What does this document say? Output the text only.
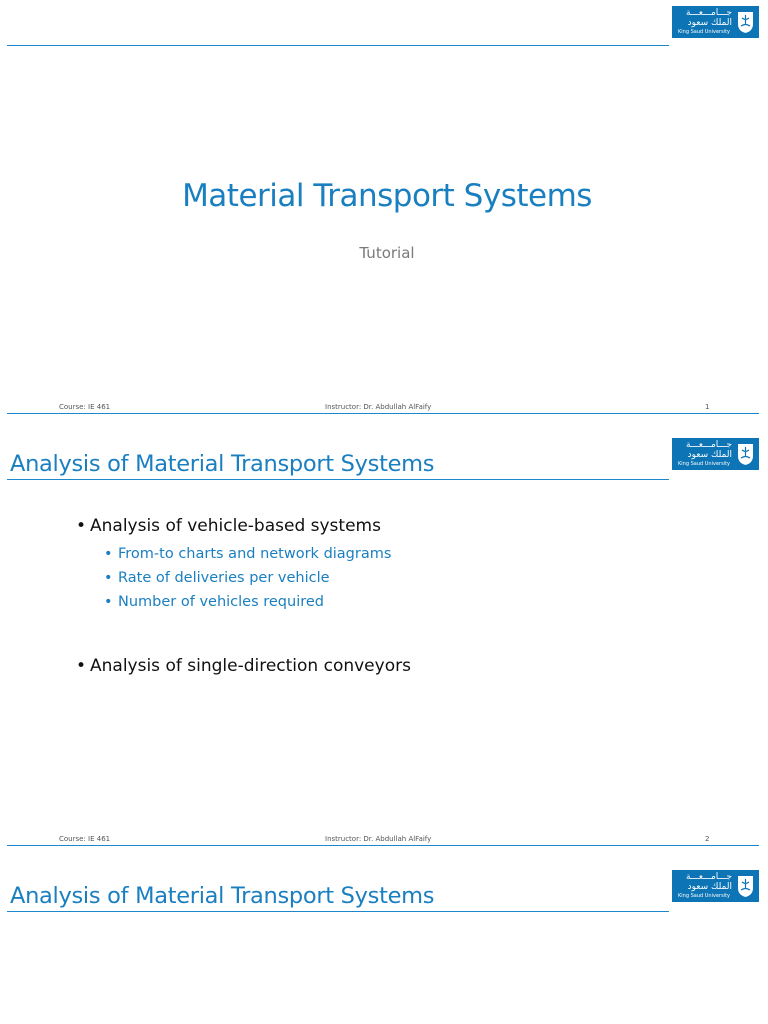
جـــامـــعـــة
الملك سعود
King Saud University
Material Transport Systems
Tutorial
Course: IE 461	Instructor: Dr. Abdullah AlFaify	1
جـــامـــعـــة
الملك سعود
King Saud University
Analysis of Material Transport Systems
• Analysis of vehicle-based systems
• From-to charts and network diagrams
• Rate of deliveries per vehicle
• Number of vehicles required
• Analysis of single-direction conveyors
Course: IE 461	Instructor: Dr. Abdullah AlFaify	2
جـــامـــعـــة
الملك سعود
King Saud University
Analysis of Material Transport Systems
